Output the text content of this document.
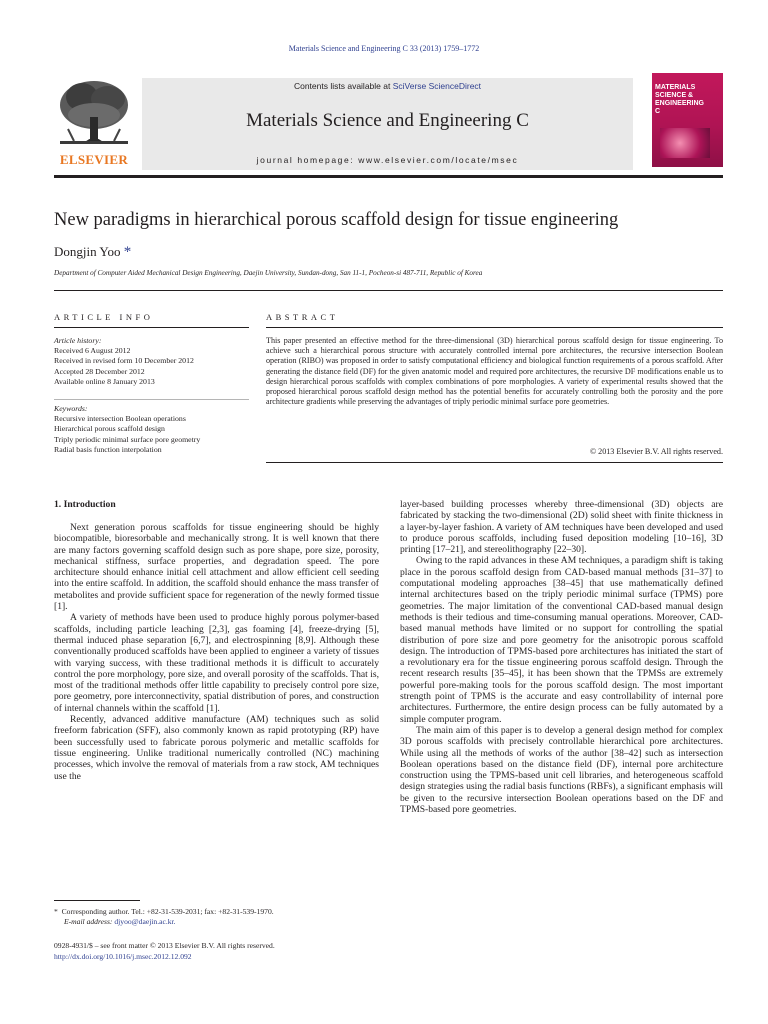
Materials Science and Engineering C 33 (2013) 1759–1772
ELSEVIER
Contents lists available at SciVerse ScienceDirect
Materials Science and Engineering C
journal homepage: www.elsevier.com/locate/msec
MATERIALS
SCIENCE &
ENGINEERING
C
New paradigms in hierarchical porous scaffold design for tissue engineering
Dongjin Yoo *
Department of Computer Aided Mechanical Design Engineering, Daejin University, Sundan-dong, San 11-1, Pocheon-si 487-711, Republic of Korea
ARTICLE INFO	ABSTRACT
Article history:
Received 6 August 2012
Received in revised form 10 December 2012
Accepted 28 December 2012
Available online 8 January 2013
Keywords:
Recursive intersection Boolean operations
Hierarchical porous scaffold design
Triply periodic minimal surface pore geometry
Radial basis function interpolation
This paper presented an effective method for the three-dimensional (3D) hierarchical porous scaffold design for tissue engineering. To achieve such a hierarchical porous structure with accurately controlled internal pore architectures, the recursive intersection Boolean operation (RIBO) was proposed in order to satisfy computational efficiency and biological function requirements of a porous scaffold. After generating the distance field (DF) for the given anatomic model and required pore architectures, the recursive DF modifications enable us to design hierarchical porous scaffolds with complex combinations of pore morphologies. A variety of experimental results showed that the proposed hierarchical porous scaffold design method has the potential benefits for accurately controlling both the porosity and the pore architecture gradients while preserving the advantages of triply periodic minimal surface pore geometries.
© 2013 Elsevier B.V. All rights reserved.
1. Introduction

Next generation porous scaffolds for tissue engineering should be highly biocompatible, bioresorbable and mechanically strong. It is well known that there are many factors governing scaffold design such as pore shape, pore size, porosity, mechanical stiffness, surface properties, and degradation speed. The pore architecture should enhance initial cell attachment and allow efficient cell seeding into the entire scaffold. In addition, the scaffold should enhance the mass transfer of metabolites and provide sufficient space for regeneration of the newly formed tissue [1].

A variety of methods have been used to produce highly porous polymer-based scaffolds, including particle leaching [2,3], gas foaming [4], freeze-drying [5], thermal induced phase separation [6,7], and electrospinning [8,9]. Although these conventionally produced scaffolds have been applied to engineer a variety of tissues with varying success, with these traditional methods it is difficult to accurately control the pore morphology, pore size, and overall porosity of the scaffolds. That is, most of the traditional methods offer little capability to precisely control pore size, pore geometry, pore interconnectivity, spatial distribution of pores, and construction of internal channels within the scaffold [1].

Recently, advanced additive manufacture (AM) techniques such as solid freeform fabrication (SFF), also commonly known as rapid prototyping (RP) have been successfully used to fabricate porous polymeric and metallic scaffolds for tissue engineering. Unlike traditional numerically controlled (NC) machining processes, which involve the removal of materials from a raw stock, AM techniques use the

layer-based building processes whereby three-dimensional (3D) objects are fabricated by stacking the two-dimensional (2D) solid sheet with finite thickness in a layer-by-layer fashion. A variety of AM techniques have been developed and used to produce porous scaffolds, including fused deposition modeling [10–16], 3D printing [17–21], and stereolithography [22–30].

Owing to the rapid advances in these AM techniques, a paradigm shift is taking place in the porous scaffold design from CAD-based manual methods [31–37] to computational modeling approaches [38–45] that use mathematically defined internal architectures based on the triply periodic minimal surface (TPMS) pore geometries. The major limitation of the conventional CAD-based manual design methods is their tedious and time-consuming manual operations. Moreover, CAD-based manual methods have limited or no support for controlling the spatial distribution of pore size and pore geometry for the anisotropic porous scaffold design. The introduction of TPMS-based pore architectures has initiated the start of a revolutionary era for the tissue engineering porous scaffold design. Through the recent research results [35–45], it has been shown that the TPMSs are extremely powerful pore-making tools for the porous scaffold design. The most important strength point of TPMS is the accurate and easy controllability of internal pore architectures. Furthermore, the entire design process can be fully automated by a simple computer program.

The main aim of this paper is to develop a general design method for complex 3D porous scaffolds with precisely controllable hierarchical pore architectures. While using all the methods of works of the author [38–42] such as intersection Boolean operations based on the distance field (DF), internal pore architecture construction using the TPMS-based unit cell libraries, and heterogeneous scaffold design strategies using the radial basis functions (RBFs), a significant emphasis will be given to the recursive intersection Boolean operations based on the DF and TPMS-based pore geometries.

* Corresponding author. Tel.: +82-31-539-2031; fax: +82-31-539-1970.
E-mail address: djyoo@daejin.ac.kr.
0928-4931/$ – see front matter © 2013 Elsevier B.V. All rights reserved.
http://dx.doi.org/10.1016/j.msec.2012.12.092
